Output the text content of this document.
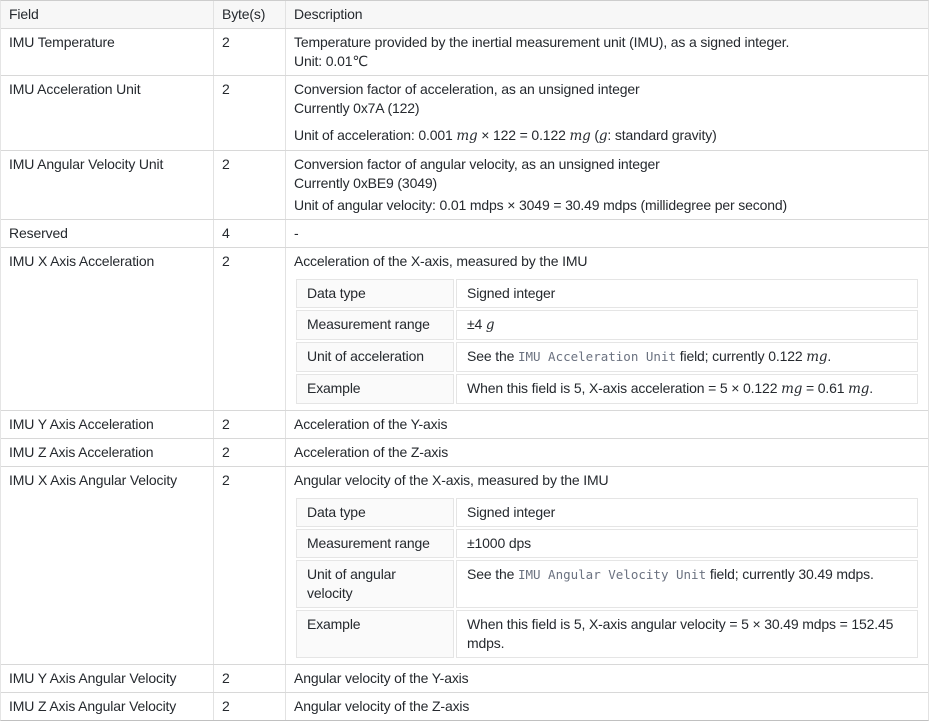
Field	Byte(s)	Description
IMU Temperature	2	Temperature provided by the inertial measurement unit (IMU), as a signed integer.
Unit: 0.01℃
IMU Acceleration Unit	2	Conversion factor of acceleration, as an unsigned integer
Currently 0x7A (122)
Unit of acceleration: 0.001 mg × 122 = 0.122 mg (g: standard gravity)
IMU Angular Velocity Unit	2	Conversion factor of angular velocity, as an unsigned integer
Currently 0xBE9 (3049)
Unit of angular velocity: 0.01 mdps × 3049 = 30.49 mdps (millidegree per second)
Reserved	4	-
IMU X Axis Acceleration	2	Acceleration of the X-axis, measured by the IMU
Data type	Signed integer
Measurement range	±4 g
Unit of acceleration	See the IMU Acceleration Unit field; currently 0.122 mg.
Example	When this field is 5, X-axis acceleration = 5 × 0.122 mg = 0.61 mg.
IMU Y Axis Acceleration	2	Acceleration of the Y-axis
IMU Z Axis Acceleration	2	Acceleration of the Z-axis
IMU X Axis Angular Velocity	2	Angular velocity of the X-axis, measured by the IMU
Data type	Signed integer
Measurement range	±1000 dps
Unit of angular velocity	See the IMU Angular Velocity Unit field; currently 30.49 mdps.
Example	When this field is 5, X-axis angular velocity = 5 × 30.49 mdps = 152.45 mdps.
IMU Y Axis Angular Velocity	2	Angular velocity of the Y-axis
IMU Z Axis Angular Velocity	2	Angular velocity of the Z-axis
